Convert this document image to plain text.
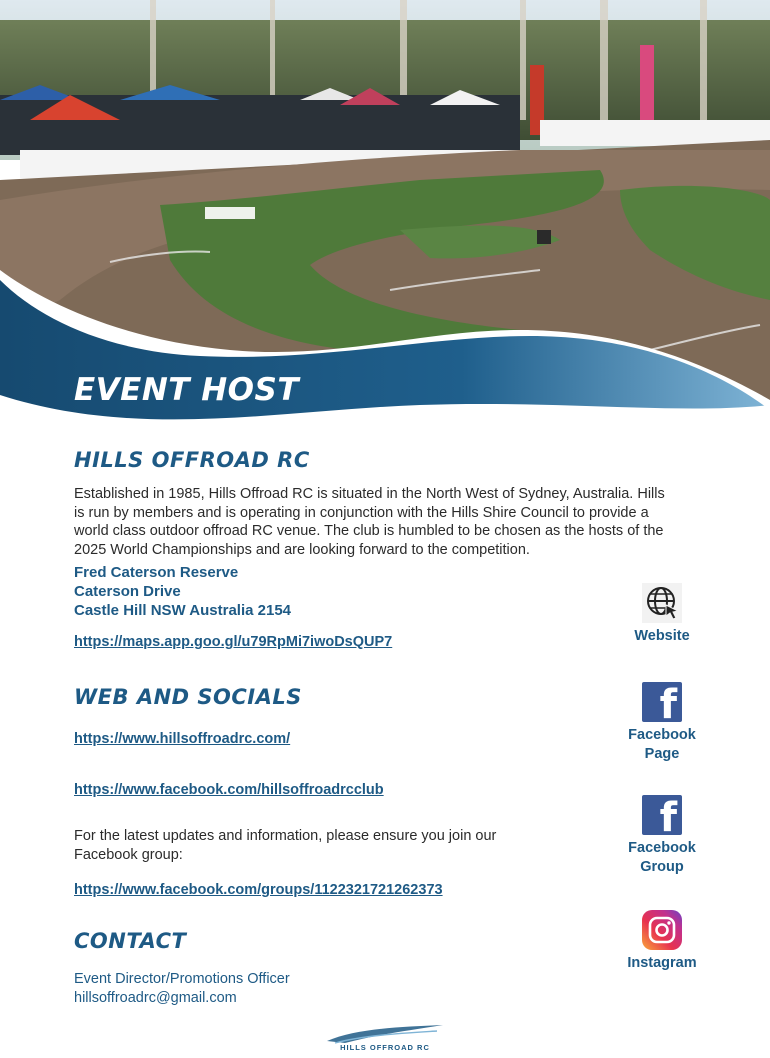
EVENT HOST
HILLS OFFROAD RC
Established in 1985, Hills Offroad RC is situated in the North West of Sydney, Australia. Hills is run by members and is operating in conjunction with the Hills Shire Council to provide a world class outdoor offroad RC venue. The club is humbled to be chosen as the hosts of the 2025 World Championships and are looking forward to the competition.
Fred Caterson Reserve
Caterson Drive
Castle Hill NSW Australia 2154
https://maps.app.goo.gl/u79RpMi7iwoDsQUP7
WEB AND SOCIALS
https://www.hillsoffroadrc.com/
https://www.facebook.com/hillsoffroadrcclub
For the latest updates and information, please ensure you join our Facebook group:
https://www.facebook.com/groups/1122321721262373
CONTACT
Event Director/Promotions Officer
hillsoffroadrc@gmail.com
Website
f
Facebook
Page
f
Facebook
Group
Instagram
HILLS OFFROAD RC
